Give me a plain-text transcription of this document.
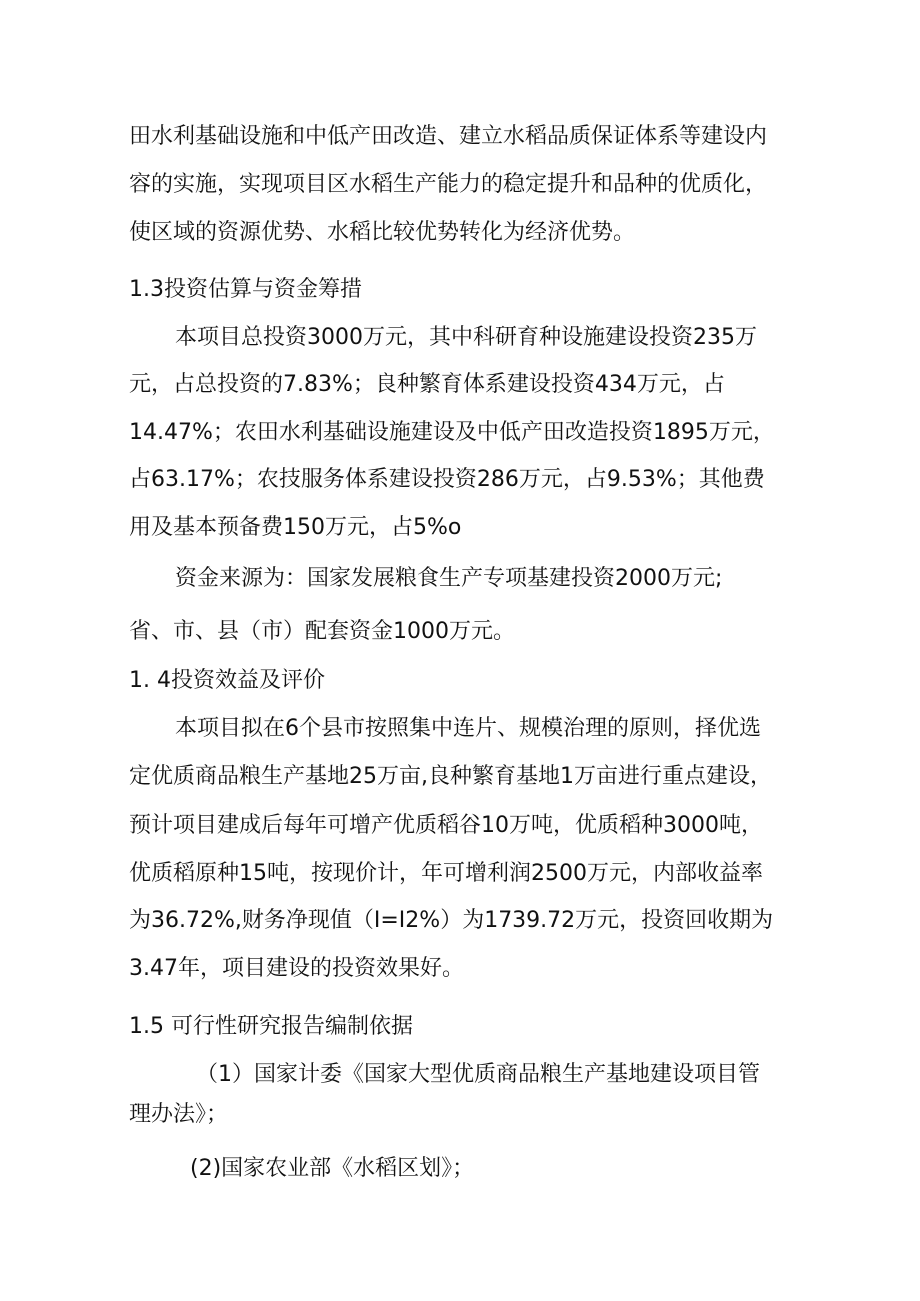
田水利基础设施和中低产田改造、建立水稻品质保证体系等建设内
容的实施，实现项目区水稻生产能力的稳定提升和品种的优质化，
使区域的资源优势、水稻比较优势转化为经济优势。
1.3投资估算与资金筹措
本项目总投资3000万元，其中科研育种设施建设投资235万
元，占总投资的7.83%；良种繁育体系建设投资434万元，占
14.47%；农田水利基础设施建设及中低产田改造投资1895万元，
占63.17%；农技服务体系建设投资286万元，占9.53%；其他费
用及基本预备费150万元，占5%o
资金来源为：国家发展粮食生产专项基建投资2000万元;
省、市、县（市）配套资金1000万元。
1. 4投资效益及评价
本项目拟在6个县市按照集中连片、规模治理的原则，择优选
定优质商品粮生产基地25万亩,良种繁育基地1万亩进行重点建设，
预计项目建成后每年可增产优质稻谷10万吨，优质稻种3000吨，
优质稻原种15吨，按现价计，年可增利润2500万元，内部收益率
为36.72%,财务净现值（I=I2%）为1739.72万元，投资回收期为
3.47年，项目建设的投资效果好。
1.5 可行性研究报告编制依据
（1）国家计委《国家大型优质商品粮生产基地建设项目管
理办法》；
(2)国家农业部《水稻区划》；
